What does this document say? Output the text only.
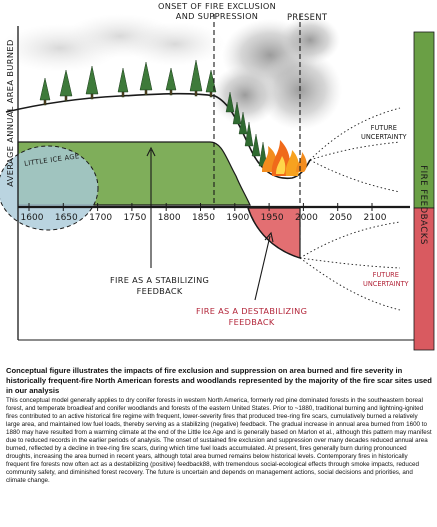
1600 1650 1700 1750 1800 1850 1900 1950 2000 2050 2100
ONSET OF FIRE EXCLUSION
AND SUPPRESSION	PRESENT
AVERAGE ANNUAL AREA BURNED
FIRE FEEDBACKS
LITTLE ICE AGE
FUTURE
UNCERTAINTY
FUTURE
UNCERTAINTY
FIRE AS A STABILIZING
FEEDBACK
FIRE AS A DESTABILIZING
FEEDBACK

Conceptual figure illustrates the impacts of fire exclusion and suppression on area burned and fire severity in historically frequent-fire North American forests and woodlands represented by the majority of the fire scar sites used in our analysis

This conceptual model generally applies to dry conifer forests in western North America, formerly red pine dominated forests in the southeastern boreal forest, and temperate broadleaf and conifer woodlands and forests of the eastern United States. Prior to ~1880, traditional burning and lightning-ignited fires contributed to an active historical fire regime with frequent, lower-severity fires that produced tree-ring fire scars, cumulatively burned a relatively large area, and maintained low fuel loads, thereby serving as a stabilizing (negative) feedback. The gradual increase in annual area burned from 1600 to 1880 may have resulted from a warming climate at the end of the Little Ice Age and is generally based on Marlon et al., although this pattern may manifest due to reduced records in the earlier periods of analysis. The onset of sustained fire exclusion and suppression over many decades reduced annual area burned, reflected by a decline in tree-ring fire scars, during which time fuel loads accumulated. At present, fires generally burn during pronounced droughts, increasing the area burned in recent years, although total area burned remains below historical levels. Contemporary fires in historically frequent fire forests now often act as a destabilizing (positive) feedback88, with tremendous social-ecological effects through smoke impacts, reduced community safety, and diminished forest recovery. The future is uncertain and depends on management actions, social decisions and priorities, and climate change.
